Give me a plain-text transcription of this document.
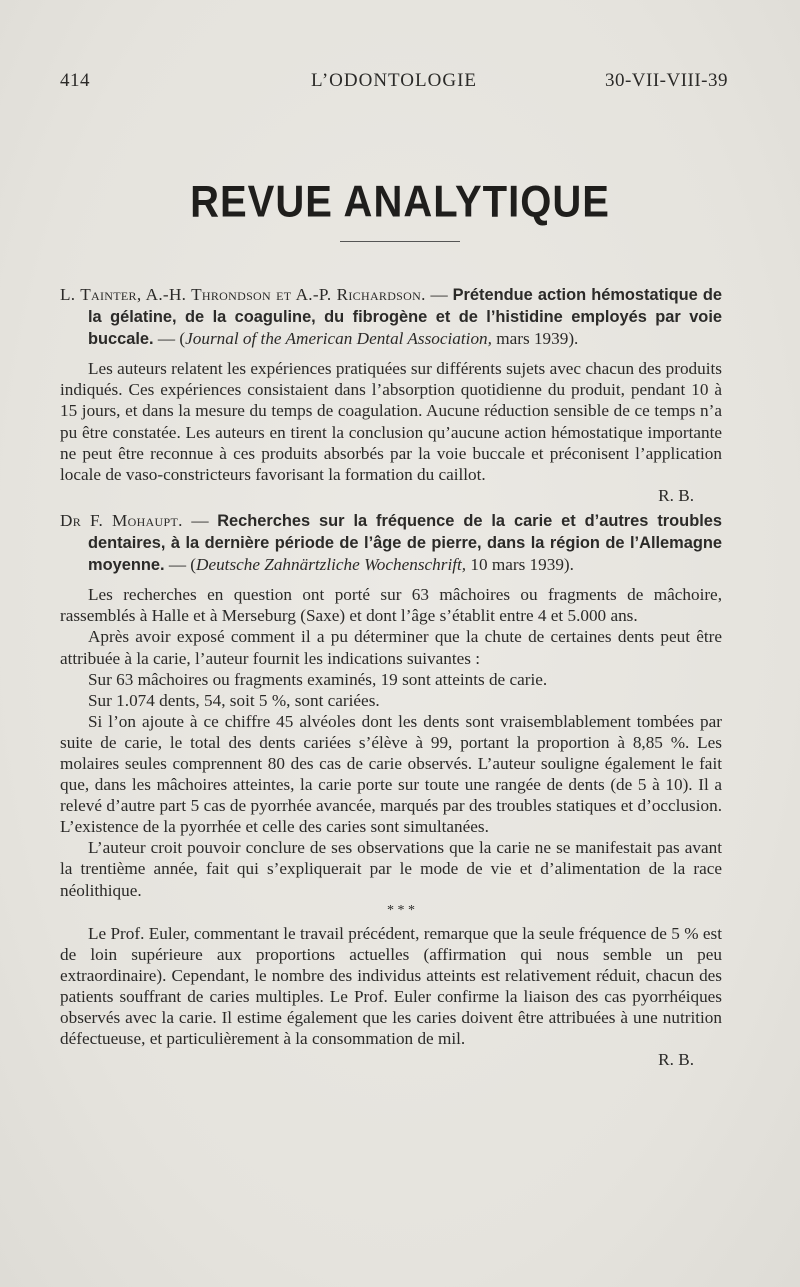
414	L’ODONTOLOGIE	30-VII-VIII-39
REVUE ANALYTIQUE

L. Tainter, A.-H. Throndson et A.-P. Richardson. — Prétendue action hémostatique de la gélatine, de la coaguline, du fibrogène et de l’histidine employés par voie buccale. — (Journal of the American Dental Association, mars 1939).

Les auteurs relatent les expériences pratiquées sur différents sujets avec chacun des produits indiqués. Ces expériences consistaient dans l’absorption quotidienne du produit, pendant 10 à 15 jours, et dans la mesure du temps de coagulation. Aucune réduction sensible de ce temps n’a pu être constatée. Les auteurs en tirent la conclusion qu’aucune action hémostatique importante ne peut être reconnue à ces produits absorbés par la voie buccale et préconisent l’application locale de vaso-constricteurs favorisant la formation du caillot.

R. B.

Dr F. Mohaupt. — Recherches sur la fréquence de la carie et d’autres troubles dentaires, à la dernière période de l’âge de pierre, dans la région de l’Allemagne moyenne. — (Deutsche Zahnärtzliche Wochenschrift, 10 mars 1939).

Les recherches en question ont porté sur 63 mâchoires ou fragments de mâchoire, rassemblés à Halle et à Merseburg (Saxe) et dont l’âge s’établit entre 4 et 5.000 ans.

Après avoir exposé comment il a pu déterminer que la chute de certaines dents peut être attribuée à la carie, l’auteur fournit les indications suivantes :

Sur 63 mâchoires ou fragments examinés, 19 sont atteints de carie.

Sur 1.074 dents, 54, soit 5 %, sont cariées.

Si l’on ajoute à ce chiffre 45 alvéoles dont les dents sont vraisemblablement tombées par suite de carie, le total des dents cariées s’élève à 99, portant la proportion à 8,85 %. Les molaires seules comprennent 80 des cas de carie observés. L’auteur souligne également le fait que, dans les mâchoires atteintes, la carie porte sur toute une rangée de dents (de 5 à 10). Il a relevé d’autre part 5 cas de pyorrhée avancée, marqués par des troubles statiques et d’occlusion. L’existence de la pyorrhée et celle des caries sont simultanées.

L’auteur croit pouvoir conclure de ses observations que la carie ne se manifestait pas avant la trentième année, fait qui s’expliquerait par le mode de vie et d’alimentation de la race néolithique.

* * *

Le Prof. Euler, commentant le travail précédent, remarque que la seule fréquence de 5 % est de loin supérieure aux proportions actuelles (affirmation qui nous semble un peu extraordinaire). Cependant, le nombre des individus atteints est relativement réduit, chacun des patients souffrant de caries multiples. Le Prof. Euler confirme la liaison des cas pyorrhéiques observés avec la carie. Il estime également que les caries doivent être attribuées à une nutrition défectueuse, et particulièrement à la consommation de mil.

R. B.
